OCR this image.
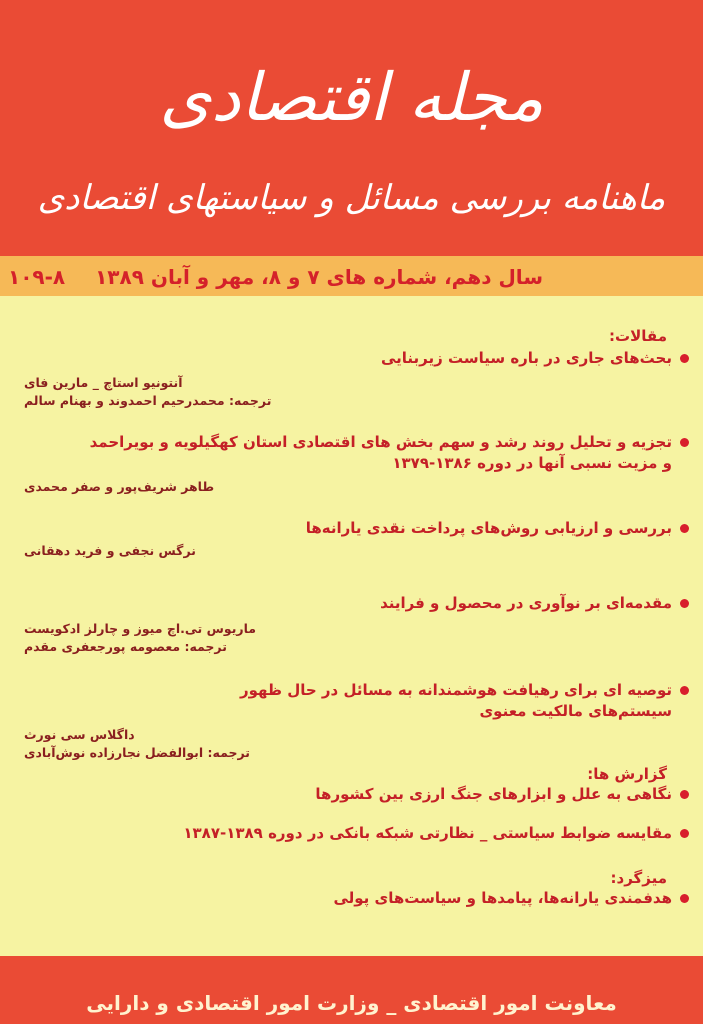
مجله اقتصادی
ماهنامه بررسی مسائل و سیاستهای اقتصادی
سال دهم، شماره های ۷ و ۸، مهر و آبان ۱۳۸۹
۱۰۹-۸
مقالات:
بحث‌های جاری در باره سیاست زیربنایی
آنتونیو استاچ _ مارین فای
ترجمه: محمدرحیم احمدوند و بهنام سالم
تجزیه و تحلیل روند رشد و سهم بخش های اقتصادی استان کهگیلویه و بویراحمد
و مزیت نسبی آنها در دوره ۱۳۸۶-۱۳۷۹
طاهر شریف‌پور و صفر محمدی
بررسی و ارزیابی روش‌های پرداخت نقدی یارانه‌ها
نرگس نجفی و فرید دهقانی
مقدمه‌ای بر نوآوری در محصول و فرایند
ماریوس تی.اچ میوز و چارلز ادکویست
ترجمه: معصومه پورجعفری مقدم
توصیه ای برای رهیافت هوشمندانه به مسائل در حال ظهور
سیستم‌های مالکیت معنوی
داگلاس سی نورث
ترجمه: ابوالفضل نجارزاده نوش‌آبادی
گزارش ها:
نگاهی به علل و ابزارهای جنگ ارزی بین کشورها
مقایسه ضوابط سیاستی _ نظارتی شبکه بانکی در دوره ۱۳۸۹-۱۳۸۷
میزگرد:
هدفمندی یارانه‌ها، پیامدها و سیاست‌های پولی
معاونت امور اقتصادی _ وزارت امور اقتصادی و دارایی
